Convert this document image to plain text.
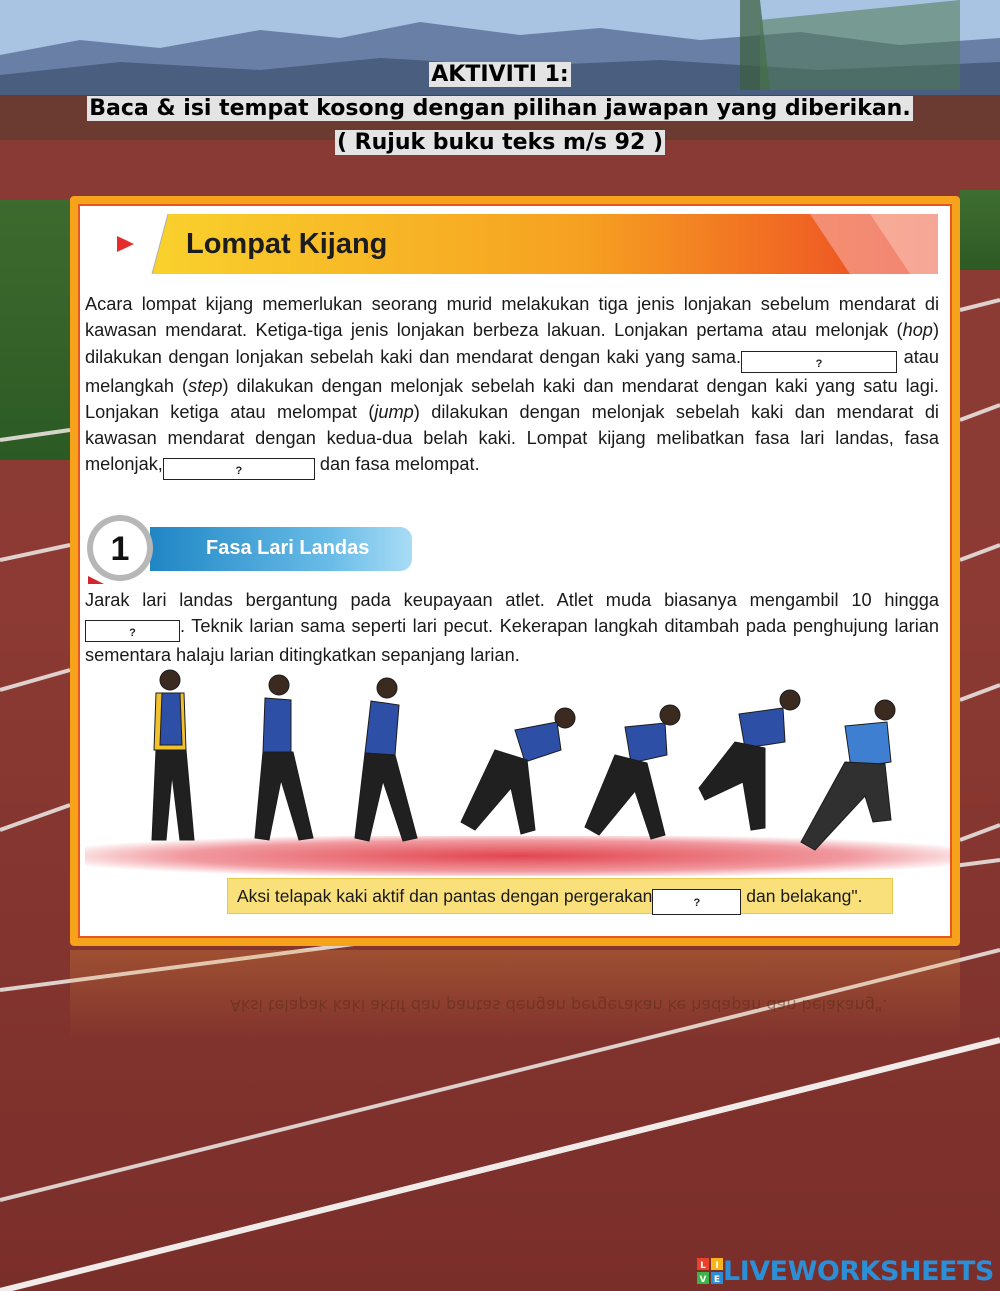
AKTIVITI 1:
Baca & isi tempat kosong dengan pilihan jawapan yang diberikan.
( Rujuk buku teks m/s 92 )
Lompat Kijang
Acara lompat kijang memerlukan seorang murid melakukan tiga jenis lonjakan sebelum mendarat di kawasan mendarat. Ketiga-tiga jenis lonjakan berbeza lakuan. Lonjakan pertama atau melonjak (hop) dilakukan dengan lonjakan sebelah kaki dan mendarat dengan kaki yang sama.	?	atau melangkah (step) dilakukan dengan melonjak sebelah kaki dan mendarat dengan kaki yang satu lagi. Lonjakan ketiga atau melompat (jump) dilakukan dengan melonjak sebelah kaki dan mendarat di kawasan mendarat dengan kedua-dua belah kaki. Lompat kijang melibatkan fasa lari landas, fasa melonjak,	?	dan fasa melompat.
1	Fasa Lari Landas
Jarak lari landas bergantung pada keupayaan atlet. Atlet muda biasanya mengambil 10 hingga ? . Teknik larian sama seperti lari pecut. Kekerapan langkah ditambah pada penghujung larian sementara halaju larian ditingkatkan sepanjang larian.
Aksi telapak kaki aktif dan pantas dengan pergerakan	? dan belakang".
Aksi telapak kaki aktif dan pantas dengan pergerakan ke hadapan dan belakang".
L I
V E LIVEWORKSHEETS
